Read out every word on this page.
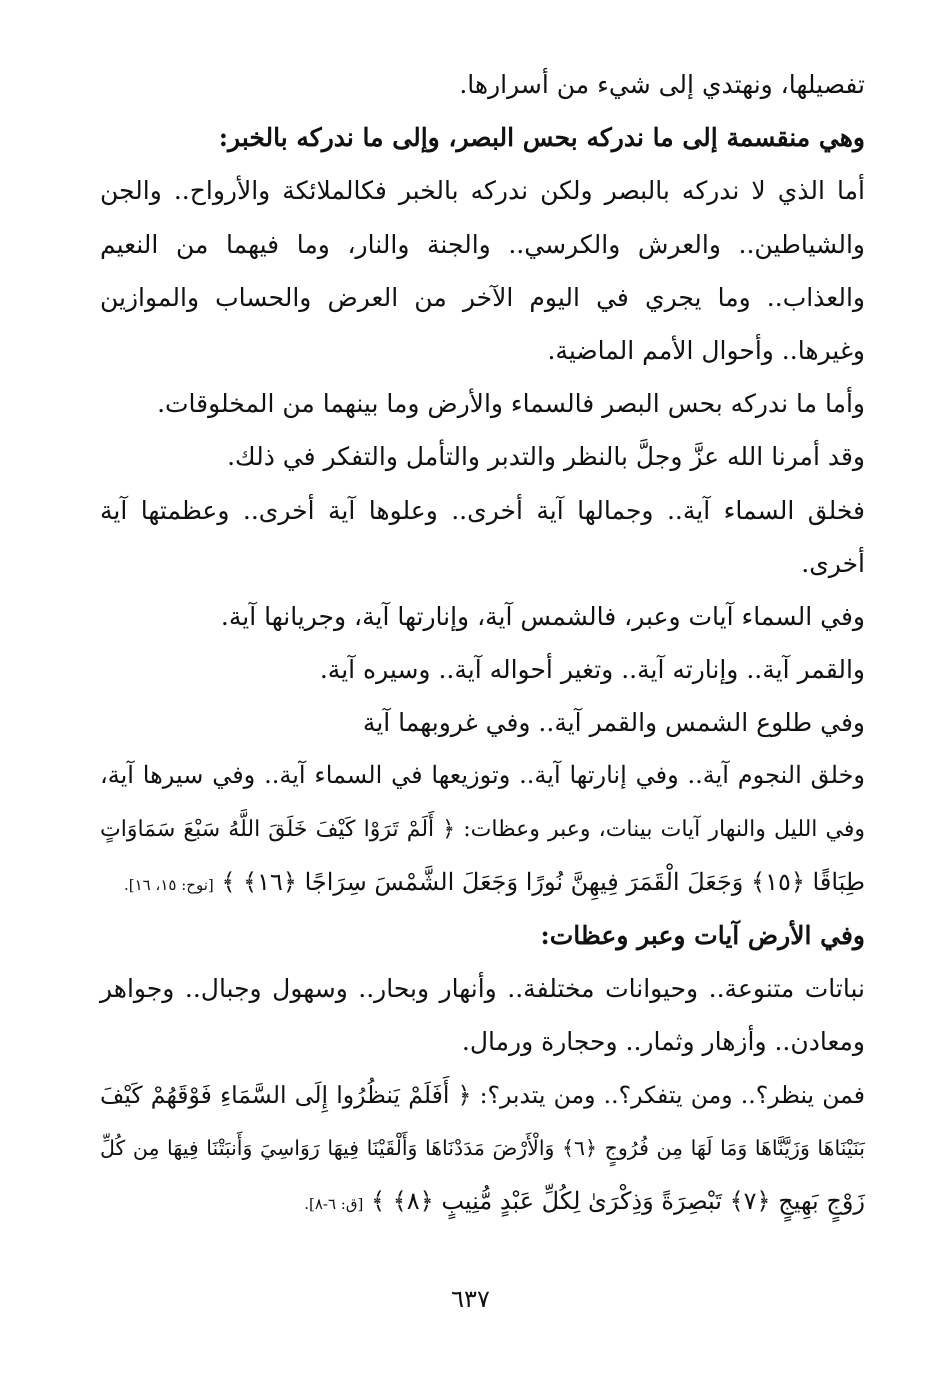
تفصيلها، ونهتدي إلى شيء من أسرارها.
وهي منقسمة إلى ما ندركه بحس البصر، وإلى ما ندركه بالخبر:
أما الذي لا ندركه بالبصر ولكن ندركه بالخبر فكالملائكة والأرواح.. والجن
والشياطين.. والعرش والكرسي.. والجنة والنار، وما فيهما من النعيم
والعذاب.. وما يجري في اليوم الآخر من العرض والحساب والموازين
وغيرها.. وأحوال الأمم الماضية.
وأما ما ندركه بحس البصر فالسماء والأرض وما بينهما من المخلوقات.
وقد أمرنا الله عزَّ وجلَّ بالنظر والتدبر والتأمل والتفكر في ذلك.
فخلق السماء آية.. وجمالها آية أخرى.. وعلوها آية أخرى.. وعظمتها آية
أخرى.
وفي السماء آيات وعبر، فالشمس آية، وإنارتها آية، وجريانها آية.
والقمر آية.. وإنارته آية.. وتغير أحواله آية.. وسيره آية.
وفي طلوع الشمس والقمر آية.. وفي غروبهما آية
وخلق النجوم آية.. وفي إنارتها آية.. وتوزيعها في السماء آية.. وفي سيرها آية،
وفي الليل والنهار آيات بينات، وعبر وعظات: ﴿ أَلَمْ تَرَوْا كَيْفَ خَلَقَ اللَّهُ سَبْعَ سَمَاوَاتٍ
طِبَاقًا ﴿١٥﴾ وَجَعَلَ الْقَمَرَ فِيهِنَّ نُورًا وَجَعَلَ الشَّمْسَ سِرَاجًا ﴿١٦﴾ ﴾ [نوح: ١٥، ١٦].
وفي الأرض آيات وعبر وعظات:
نباتات متنوعة.. وحيوانات مختلفة.. وأنهار وبحار.. وسهول وجبال.. وجواهر
ومعادن.. وأزهار وثمار.. وحجارة ورمال.
فمن ينظر؟.. ومن يتفكر؟.. ومن يتدبر؟: ﴿ أَفَلَمْ يَنظُرُوا إِلَى السَّمَاءِ فَوْقَهُمْ كَيْفَ
بَنَيْنَاهَا وَزَيَّنَّاهَا وَمَا لَهَا مِن فُرُوجٍ ﴿٦﴾ وَالْأَرْضَ مَدَدْنَاهَا وَأَلْقَيْنَا فِيهَا رَوَاسِيَ وَأَنبَتْنَا فِيهَا مِن كُلِّ
زَوْجٍ بَهِيجٍ ﴿٧﴾ تَبْصِرَةً وَذِكْرَىٰ لِكُلِّ عَبْدٍ مُّنِيبٍ ﴿٨﴾ ﴾ [ق: ٦-٨].
٦٣٧
